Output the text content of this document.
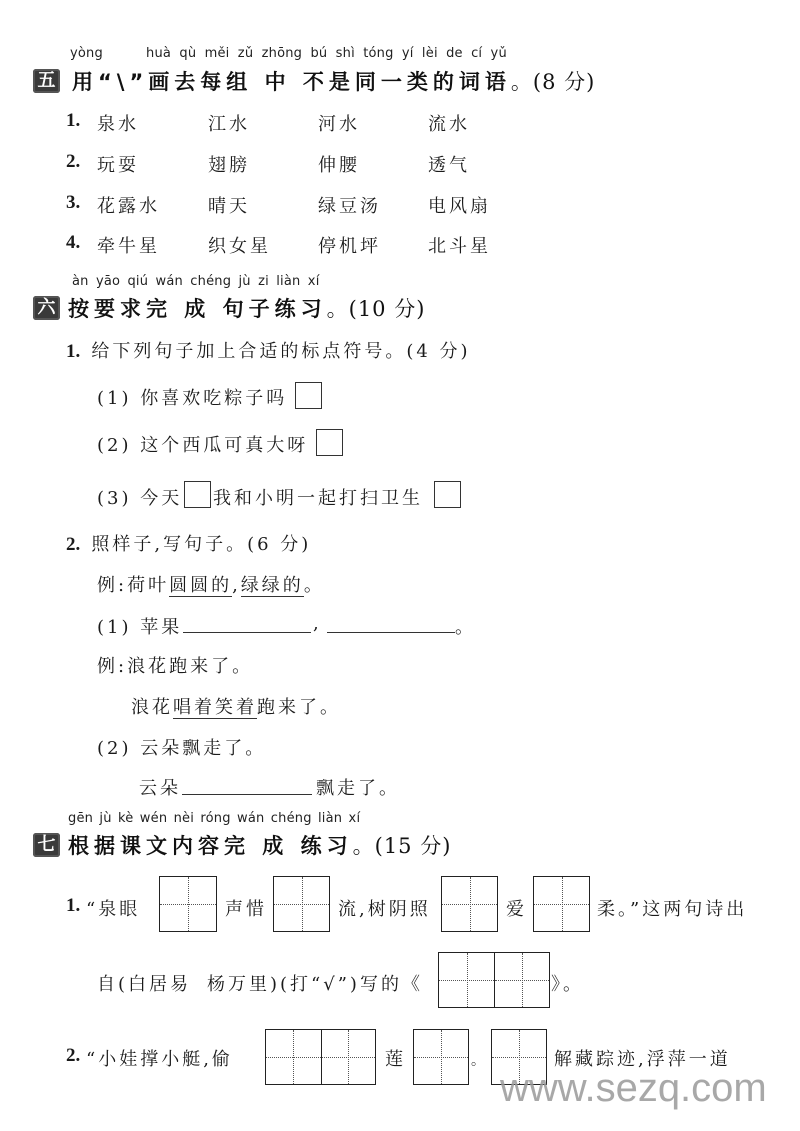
yòng	huà qù měi zǔ zhōng bú shì tóng yí lèi de cí yǔ
五 用“\”画去每组 中 不是同一类的词语。(8 分)
1. 泉水	江水	河水	流水
2. 玩耍	翅膀	伸腰	透气
3. 花露水	晴天	绿豆汤	电风扇
4. 牵牛星	织女星	停机坪	北斗星
àn yāo qiú wán chéng jù zi liàn xí
六 按要求完 成 句子练习。(10 分)
1. 给下列句子加上合适的标点符号。(4 分)
(1) 你喜欢吃粽子吗
(2) 这个西瓜可真大呀
(3) 今天 我和小明一起打扫卫生
2. 照样子,写句子。(6 分)
例:荷叶圆圆的,绿绿的。
(1) 苹果	,	。
例:浪花跑来了。
浪花唱着笑着跑来了。
(2) 云朵飘走了。
云朵	飘走了。
gēn jù kè wén nèi róng wán chéng liàn xí
七 根据课文内容完 成 练习。(15 分)
1. “泉眼	声惜	流,树阴照	爱	柔。”这两句诗出
自(白居易 杨万里)(打“√”)写的《	》。
2. “小娃撑小艇,偷	莲	。	解藏踪迹,浮萍一道
www.sezq.com
